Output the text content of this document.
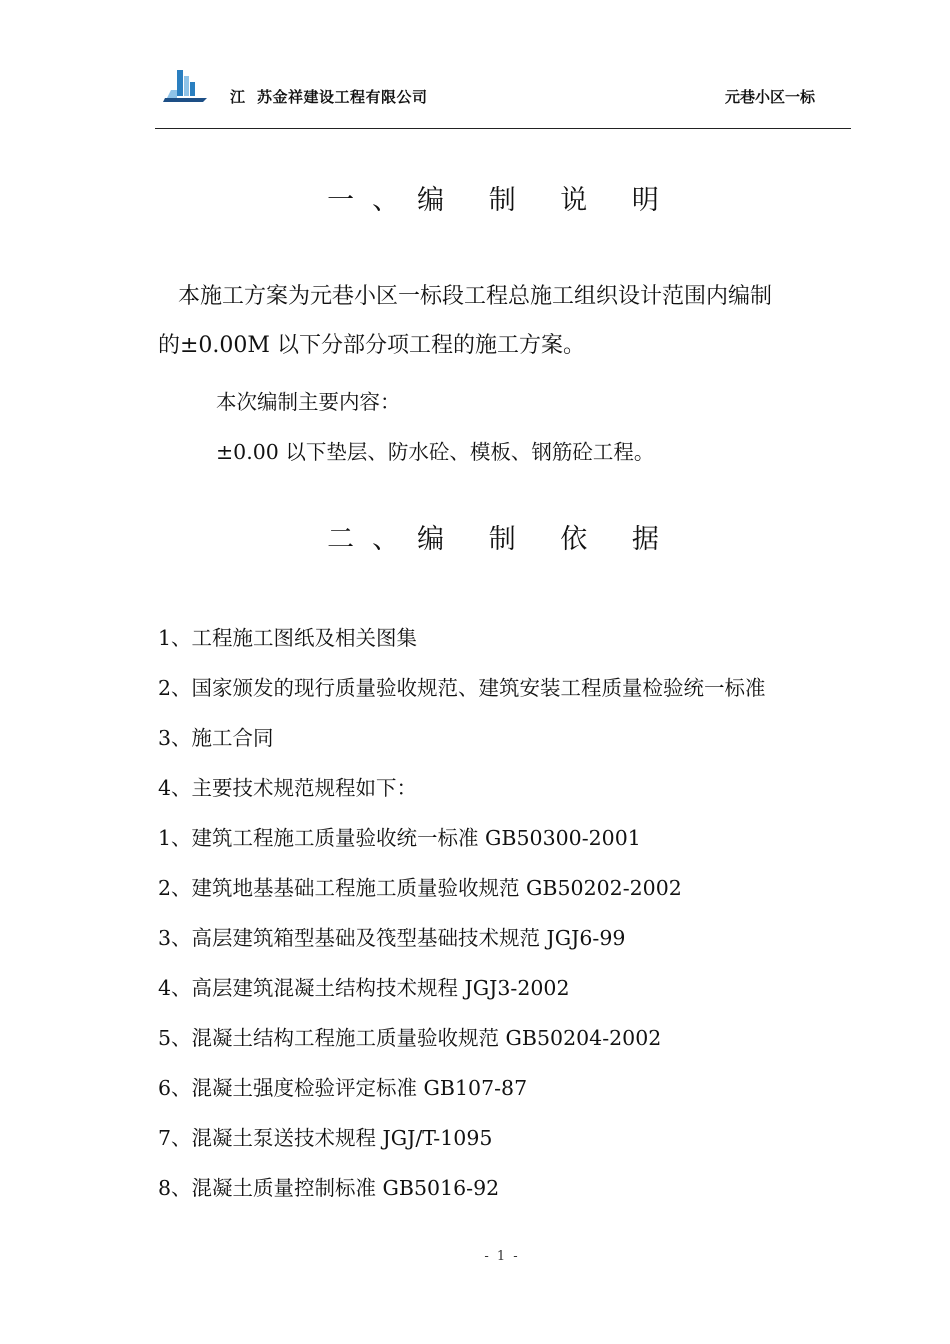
江  苏金祥建设工程有限公司	元巷小区一标
一、编 制 说 明
本施工方案为元巷小区一标段工程总施工组织设计范围内编制
的±0.00M 以下分部分项工程的施工方案。
本次编制主要内容：
±0.00 以下垫层、防水砼、模板、钢筋砼工程。
二、编 制 依 据
1、工程施工图纸及相关图集
2、国家颁发的现行质量验收规范、建筑安装工程质量检验统一标准
3、施工合同
4、主要技术规范规程如下：
1、建筑工程施工质量验收统一标准 GB50300-2001
2、建筑地基基础工程施工质量验收规范 GB50202-2002
3、高层建筑箱型基础及筏型基础技术规范 JGJ6-99
4、高层建筑混凝土结构技术规程 JGJ3-2002
5、混凝土结构工程施工质量验收规范 GB50204-2002
6、混凝土强度检验评定标准 GB107-87
7、混凝土泵送技术规程 JGJ/T-1095
8、混凝土质量控制标准 GB5016-92
- 1 -
